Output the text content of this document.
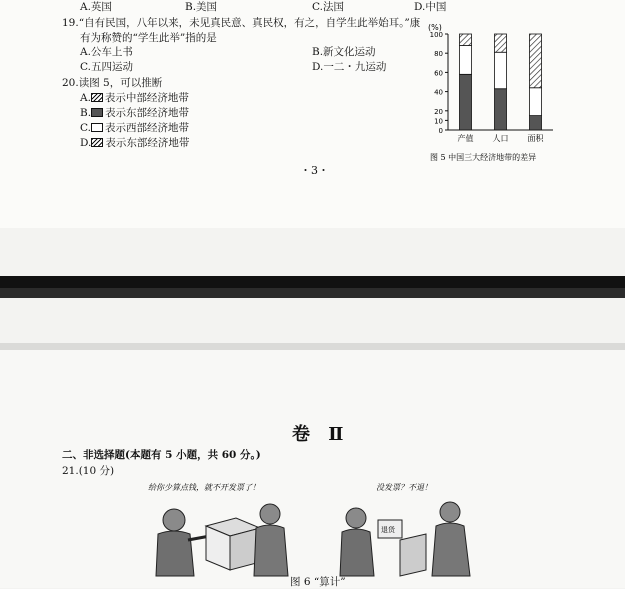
A.英国	B.美国	C.法国	D.中国
19.“自有民国，八年以来，未见真民意、真民权，有之，自学生此举始耳。”康
有为称赞的“学生此举”指的是
A.公车上书	B.新文化运动
C.五四运动	D.一二・九运动
20.读图 5，可以推断
A. 表示中部经济地带
B. 表示东部经济地带
C. 表示西部经济地带
D. 表示东部经济地带
(%)
0
10
20
40
60
80
100
产值 人口 面积
图 5 中国三大经济地带的差异
・3・
卷 Ⅱ
二、非选择题(本题有 5 小题，共 60 分。)
21.(10 分)
给你少算点钱，就不开发票了！	没发票？不退！
退货
图 6 “算计”
